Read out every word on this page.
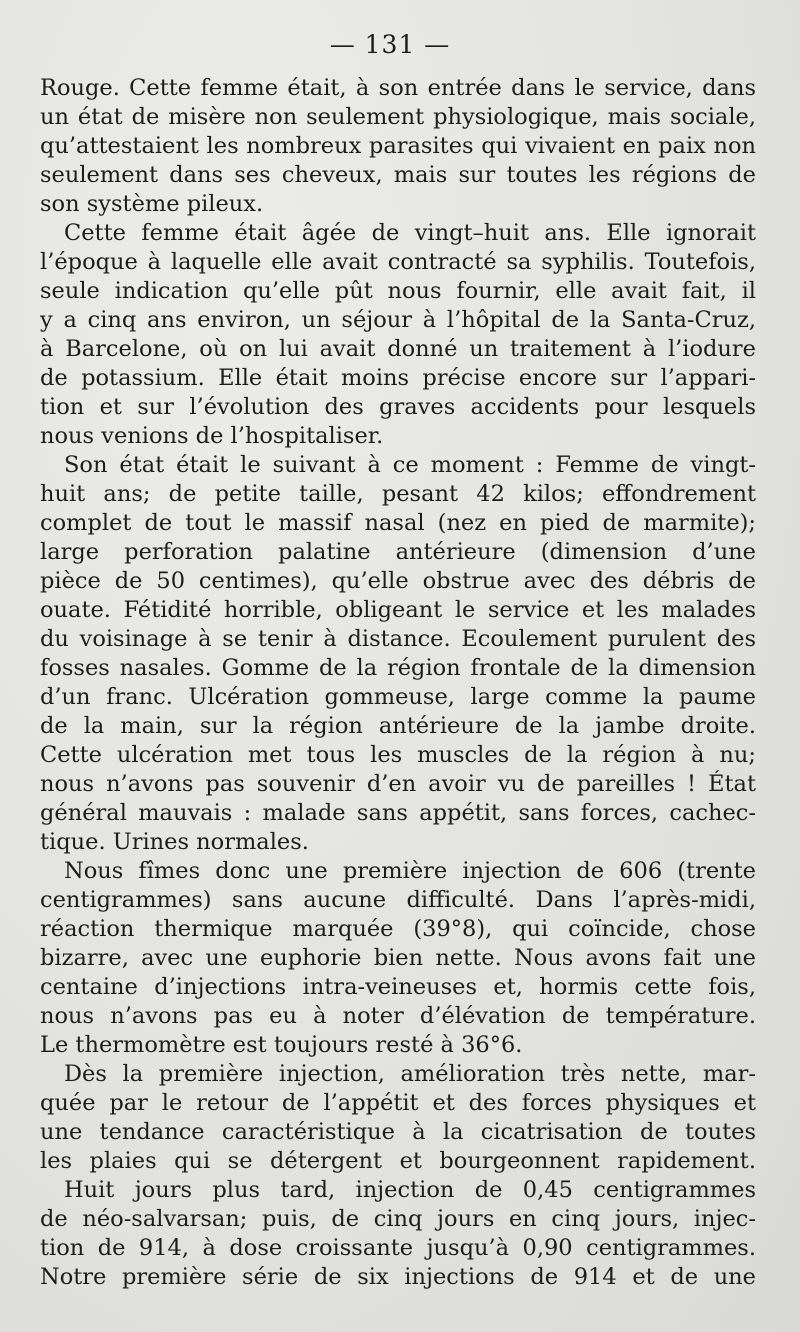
— 131 —
Rouge. Cette femme était, à son entrée dans le service, dans
un état de misère non seulement physiologique, mais sociale,
qu’attestaient les nombreux parasites qui vivaient en paix non
seulement dans ses cheveux, mais sur toutes les régions de
son système pileux.
Cette femme était âgée de vingt–huit ans. Elle ignorait
l’époque à laquelle elle avait contracté sa syphilis. Toutefois,
seule indication qu’elle pût nous fournir, elle avait fait, il
y a cinq ans environ, un séjour à l’hôpital de la Santa-Cruz,
à Barcelone, où on lui avait donné un traitement à l’iodure
de potassium. Elle était moins précise encore sur l’appari-
tion et sur l’évolution des graves accidents pour lesquels
nous venions de l’hospitaliser.
Son état était le suivant à ce moment : Femme de vingt-
huit ans; de petite taille, pesant 42 kilos; effondrement
complet de tout le massif nasal (nez en pied de marmite);
large perforation palatine antérieure (dimension d’une
pièce de 50 centimes), qu’elle obstrue avec des débris de
ouate. Fétidité horrible, obligeant le service et les malades
du voisinage à se tenir à distance. Ecoulement purulent des
fosses nasales. Gomme de la région frontale de la dimension
d’un franc. Ulcération gommeuse, large comme la paume
de la main, sur la région antérieure de la jambe droite.
Cette ulcération met tous les muscles de la région à nu;
nous n’avons pas souvenir d’en avoir vu de pareilles ! État
général mauvais : malade sans appétit, sans forces, cachec-
tique. Urines normales.
Nous fîmes donc une première injection de 606 (trente
centigrammes) sans aucune difficulté. Dans l’après-midi,
réaction thermique marquée (39°8), qui coïncide, chose
bizarre, avec une euphorie bien nette. Nous avons fait une
centaine d’injections intra-veineuses et, hormis cette fois,
nous n’avons pas eu à noter d’élévation de température.
Le thermomètre est toujours resté à 36°6.
Dès la première injection, amélioration très nette, mar-
quée par le retour de l’appétit et des forces physiques et
une tendance caractéristique à la cicatrisation de toutes
les plaies qui se détergent et bourgeonnent rapidement.
Huit jours plus tard, injection de 0,45 centigrammes
de néo-salvarsan; puis, de cinq jours en cinq jours, injec-
tion de 914, à dose croissante jusqu’à 0,90 centigrammes.
Notre première série de six injections de 914 et de une
